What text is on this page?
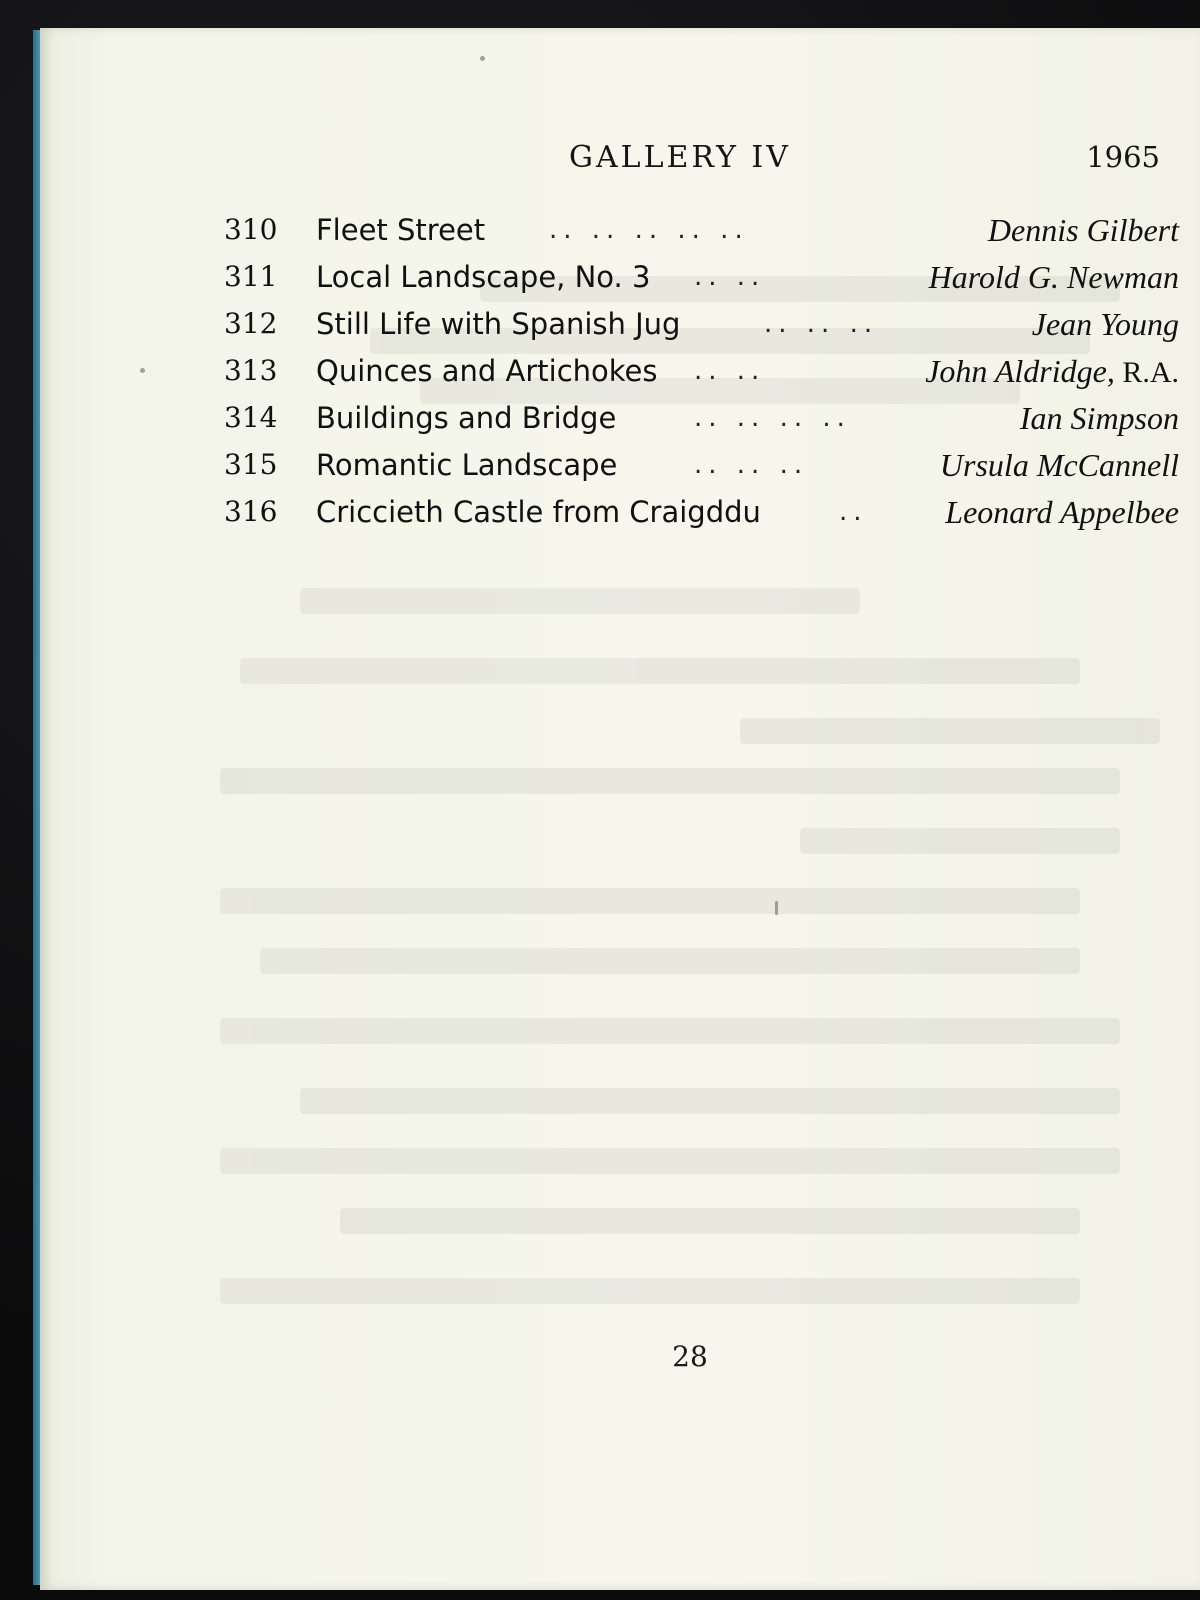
GALLERY IV	1965
310	Fleet Street .. .. .. .. ..	Dennis Gilbert
311	Local Landscape, No. 3 .. ..	Harold G. Newman
312	Still Life with Spanish Jug	.. .. ..	Jean Young
313	Quinces and Artichokes .. ..	John Aldridge, R.A.
314	Buildings and Bridge	.. .. .. ..	Ian Simpson
315	Romantic Landscape	.. .. ..	Ursula McCannell
316	Criccieth Castle from Craigddu	.. Leonard Appelbee
28
